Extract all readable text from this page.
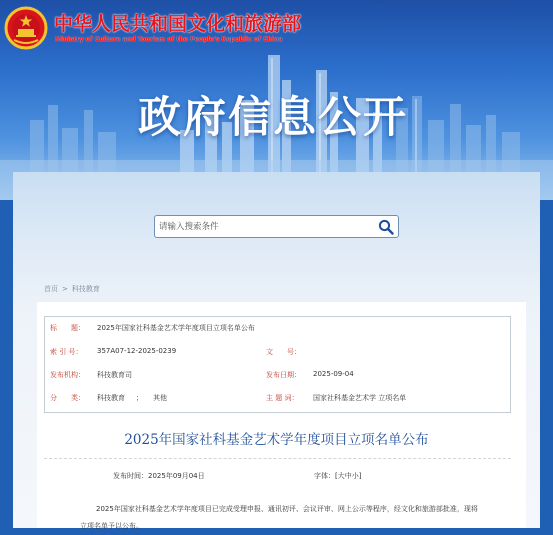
中华人民共和国文化和旅游部
Ministry of Culture and Tourism of the People's Republic of China
政府信息公开
请输入搜索条件
首页 > 科技教育
标　　题： 2025年国家社科基金艺术学年度项目立项名单公布
索 引 号： 357A07-12-2025-0239	文　　号：
发布机构： 科技教育司	发布日期： 2025-09-04
分　　类： 科技教育 ； 其他	主 题 词： 国家社科基金艺术学 立项名单
2025年国家社科基金艺术学年度项目立项名单公布
发布时间：2025年09月04日	字体：[大中小]
2025年国家社科基金艺术学年度项目已完成受理申报、通讯初评、会议评审、网上公示等程序，经文化和旅游部批准，现将立项名单予以公布。
